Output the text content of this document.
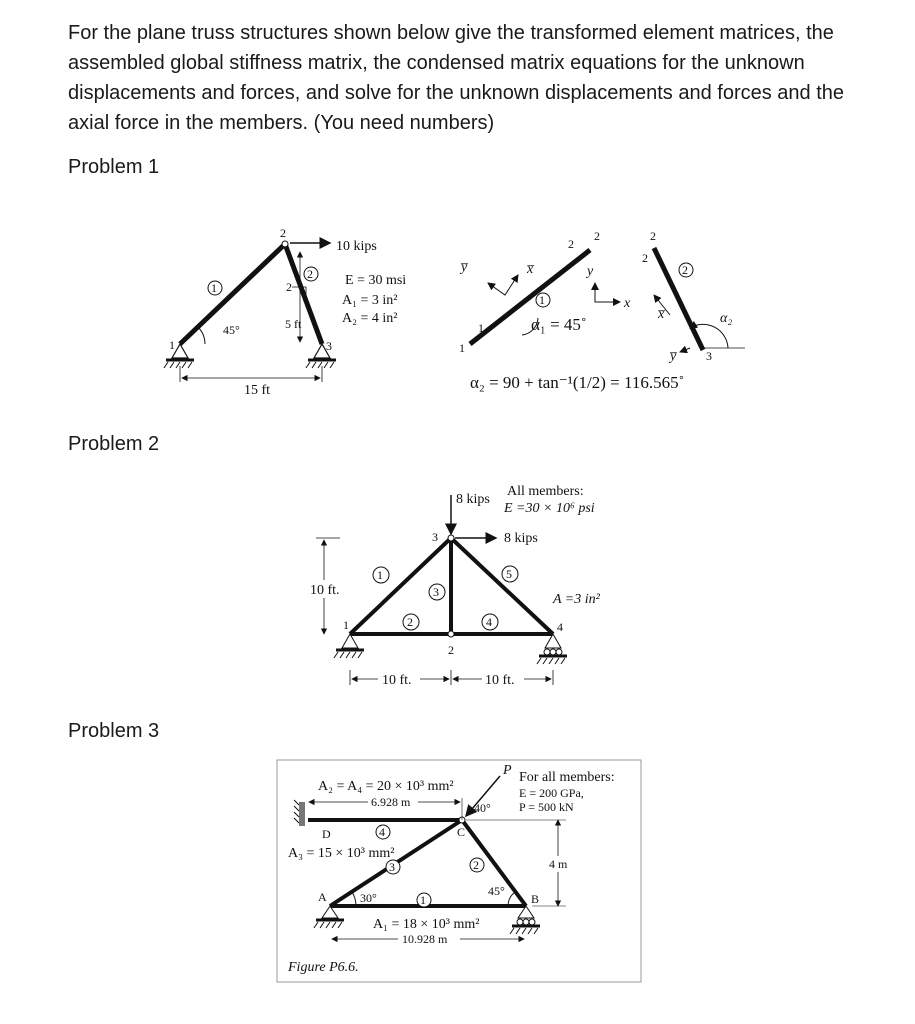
For the plane truss structures shown below give the transformed element matrices, the assembled global stiffness matrix, the condensed matrix equations for the unknown displacements and forces, and solve for the unknown displacements and forces and the axial force in the members. (You need numbers)

Problem 1

Problem 2

Problem 3

1
2
3
1
2
45°
2
1
5 ft
10 kips
E = 30 msi
A₁ = 3 in²
A₂ = 4 in²
15 ft
1
1
2
2
1
y̅	x̅	y
x
α₁ = 45˚
2
2
3
2
x̅
y̅
α₂
α₂ = 90 + tan⁻¹(1/2) = 116.565˚
1
2
3
4
1
2
3
4
5
8 kips
8 kips
All members:
E =30 × 10⁶ psi
A =3 in²
10 ft.
10 ft.	10 ft.
D	C
A	B
1
2
3
4
30°	45°
40°
P
A₂ = A₄ = 20 × 10³ mm²
6.928 m
A₃ = 15 × 10³ mm²
A₁ = 18 × 10³ mm²
10.928 m
For all members:
E = 200 GPa,
P = 500 kN
4 m
Figure P6.6.
